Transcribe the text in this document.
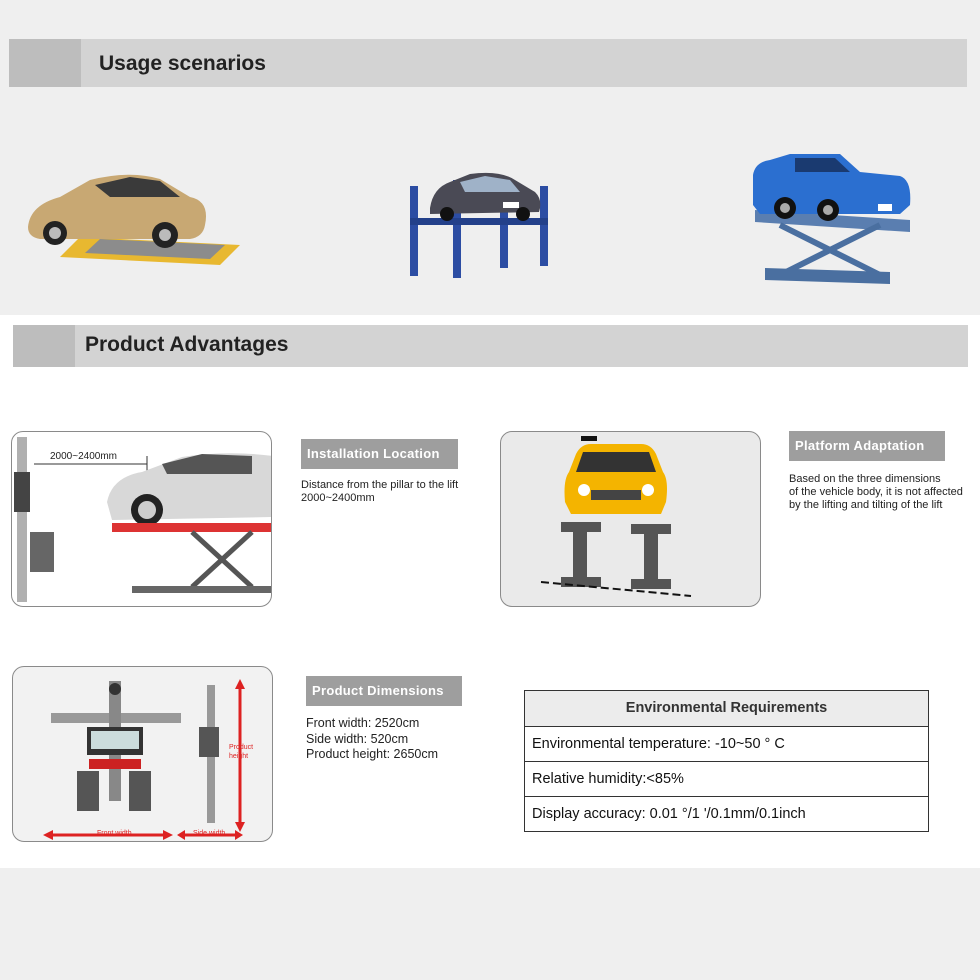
Usage scenarios
Product Advantages
2000~2400mm	Installation Location
Distance from the pillar to the lift
2000~2400mm
Platform Adaptation
Based on the three dimensions
of the vehicle body, it is not affected
by the lifting and tilting of the lift
Front width	Side width
Product
height
Product Dimensions
Front width: 2520cm
Side width: 520cm
Product height: 2650cm
Environmental Requirements
Environmental temperature: -10~50 ° C
Relative humidity:<85%
Display accuracy: 0.01 °/1 '/0.1mm/0.1inch
